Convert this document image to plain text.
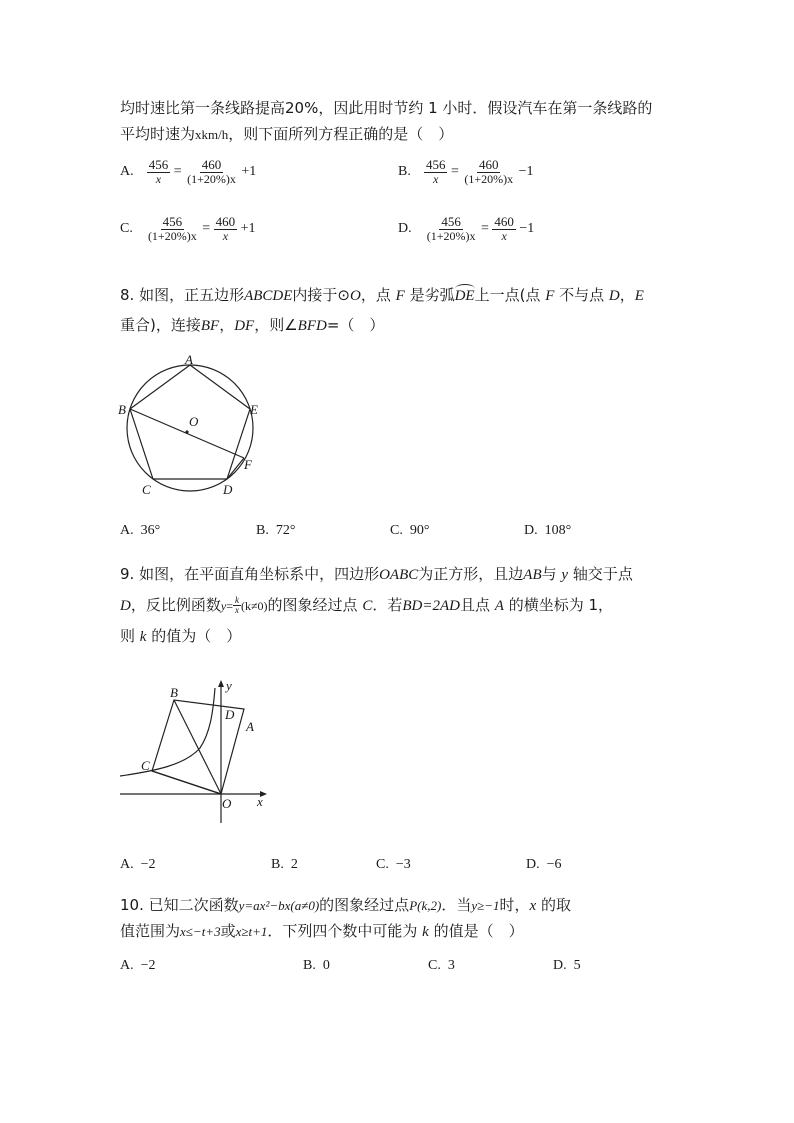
均时速比第一条线路提高20%，因此用时节约 1 小时．假设汽车在第一条线路的
平均时速为xkm/h，则下面所列方程正确的是（　）
A. $\frac{456}{x} = \frac{460}{(1+20\%)x} +1$	B. $\frac{456}{x} = \frac{460}{(1+20\%)x} -1$
C. $\frac{456}{(1+20\%)x} = \frac{460}{x} +1$	D. $\frac{456}{(1+20\%)x} = \frac{460}{x} -1$
8. 如图，正五边形ABCDE内接于⊙O，点 F 是劣弧
DE上一点(点 F 不与点 D，E
重合)，连接BF，DF，则∠BFD=（　）
A
B
C	D
E
F
O
A. 36°	B. 72°	C. 90°	D. 108°
9. 如图，在平面直角坐标系中，四边形OABC为正方形，且边AB与 y 轴交于点
D，反比例函数$y= \frac{k}{x} (k\ne 0)$的图象经过点 C．若BD=2AD且点 A 的横坐标为 1，
则 k 的值为（　）
B
D
A
C
O x
y
A. −2	B. 2	C. −3	D. −6
10. 已知二次函数y=ax²−bx(a≠0)的图象经过点P(k,2)．当y≥−1时，x 的取
值范围为x≤−t+3或x≥t+1．下列四个数中可能为 k 的值是（　）
A. −2	B. 0	C. 3	D. 5
